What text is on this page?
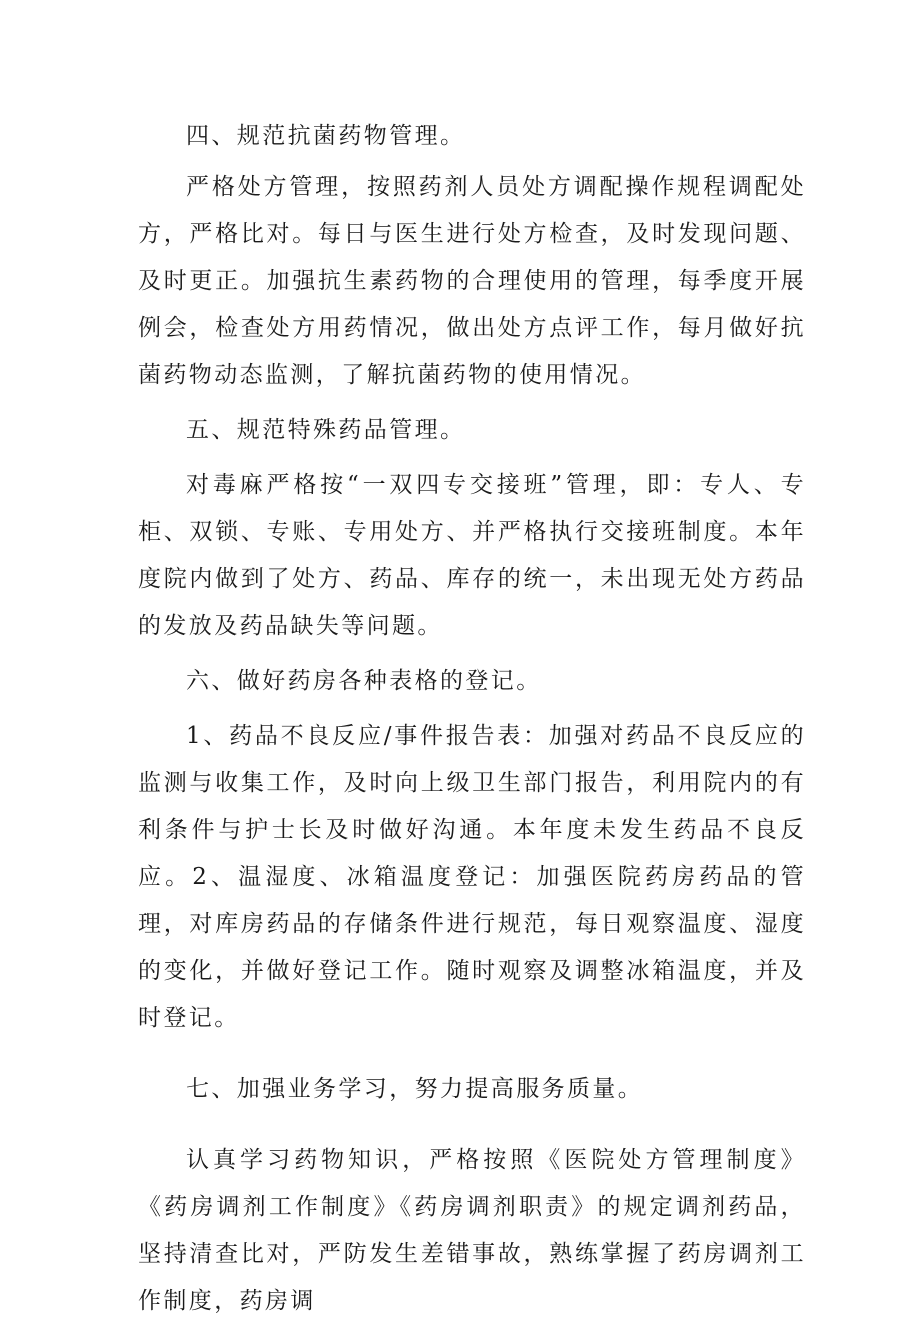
四、规范抗菌药物管理。

严格处方管理，按照药剂人员处方调配操作规程调配处方，严格比对。每日与医生进行处方检查，及时发现问题、及时更正。加强抗生素药物的合理使用的管理，每季度开展例会，检查处方用药情况，做出处方点评工作，每月做好抗菌药物动态监测，了解抗菌药物的使用情况。

五、规范特殊药品管理。

对毒麻严格按“一双四专交接班”管理，即：专人、专柜、双锁、专账、专用处方、并严格执行交接班制度。本年度院内做到了处方、药品、库存的统一，未出现无处方药品的发放及药品缺失等问题。

六、做好药房各种表格的登记。

1、药品不良反应/事件报告表：加强对药品不良反应的监测与收集工作，及时向上级卫生部门报告，利用院内的有利条件与护士长及时做好沟通。本年度未发生药品不良反应。2、温湿度、冰箱温度登记：加强医院药房药品的管理，对库房药品的存储条件进行规范，每日观察温度、湿度的变化，并做好登记工作。随时观察及调整冰箱温度，并及时登记。

七、加强业务学习，努力提高服务质量。

认真学习药物知识，严格按照《医院处方管理制度》《药房调剂工作制度》《药房调剂职责》的规定调剂药品，坚持清查比对，严防发生差错事故，熟练掌握了药房调剂工作制度，药房调
